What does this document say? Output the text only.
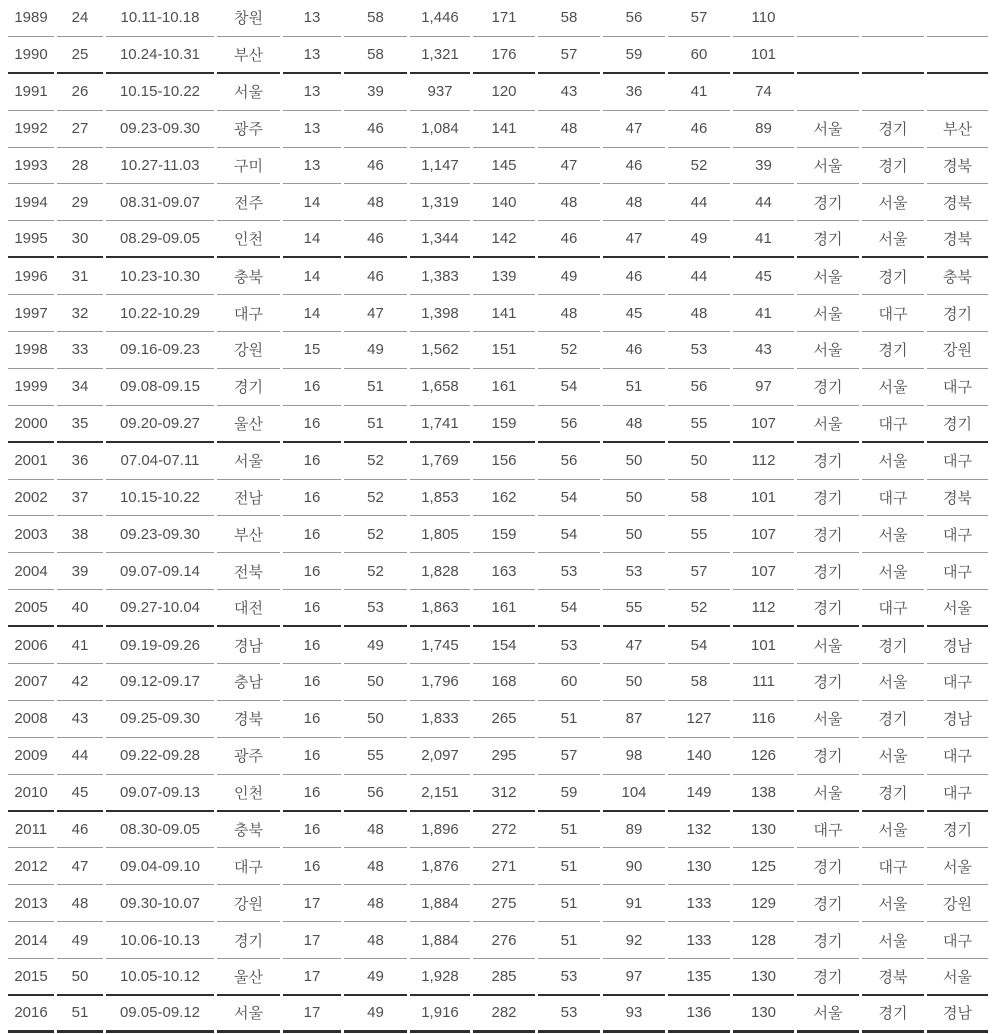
1989	24	10.11-10.18	창원	13	58	1,446	171	58	56	57	110			
1990	25	10.24-10.31	부산	13	58	1,321	176	57	59	60	101			
1991	26	10.15-10.22	서울	13	39	937	120	43	36	41	74			
1992	27	09.23-09.30	광주	13	46	1,084	141	48	47	46	89	서울	경기	부산
1993	28	10.27-11.03	구미	13	46	1,147	145	47	46	52	39	서울	경기	경북
1994	29	08.31-09.07	전주	14	48	1,319	140	48	48	44	44	경기	서울	경북
1995	30	08.29-09.05	인천	14	46	1,344	142	46	47	49	41	경기	서울	경북
1996	31	10.23-10.30	충북	14	46	1,383	139	49	46	44	45	서울	경기	충북
1997	32	10.22-10.29	대구	14	47	1,398	141	48	45	48	41	서울	대구	경기
1998	33	09.16-09.23	강원	15	49	1,562	151	52	46	53	43	서울	경기	강원
1999	34	09.08-09.15	경기	16	51	1,658	161	54	51	56	97	경기	서울	대구
2000	35	09.20-09.27	울산	16	51	1,741	159	56	48	55	107	서울	대구	경기
2001	36	07.04-07.11	서울	16	52	1,769	156	56	50	50	112	경기	서울	대구
2002	37	10.15-10.22	전남	16	52	1,853	162	54	50	58	101	경기	대구	경북
2003	38	09.23-09.30	부산	16	52	1,805	159	54	50	55	107	경기	서울	대구
2004	39	09.07-09.14	전북	16	52	1,828	163	53	53	57	107	경기	서울	대구
2005	40	09.27-10.04	대전	16	53	1,863	161	54	55	52	112	경기	대구	서울
2006	41	09.19-09.26	경남	16	49	1,745	154	53	47	54	101	서울	경기	경남
2007	42	09.12-09.17	충남	16	50	1,796	168	60	50	58	111	경기	서울	대구
2008	43	09.25-09.30	경북	16	50	1,833	265	51	87	127	116	서울	경기	경남
2009	44	09.22-09.28	광주	16	55	2,097	295	57	98	140	126	경기	서울	대구
2010	45	09.07-09.13	인천	16	56	2,151	312	59	104	149	138	서울	경기	대구
2011	46	08.30-09.05	충북	16	48	1,896	272	51	89	132	130	대구	서울	경기
2012	47	09.04-09.10	대구	16	48	1,876	271	51	90	130	125	경기	대구	서울
2013	48	09.30-10.07	강원	17	48	1,884	275	51	91	133	129	경기	서울	강원
2014	49	10.06-10.13	경기	17	48	1,884	276	51	92	133	128	경기	서울	대구
2015	50	10.05-10.12	울산	17	49	1,928	285	53	97	135	130	경기	경북	서울
2016	51	09.05-09.12	서울	17	49	1,916	282	53	93	136	130	서울	경기	경남
